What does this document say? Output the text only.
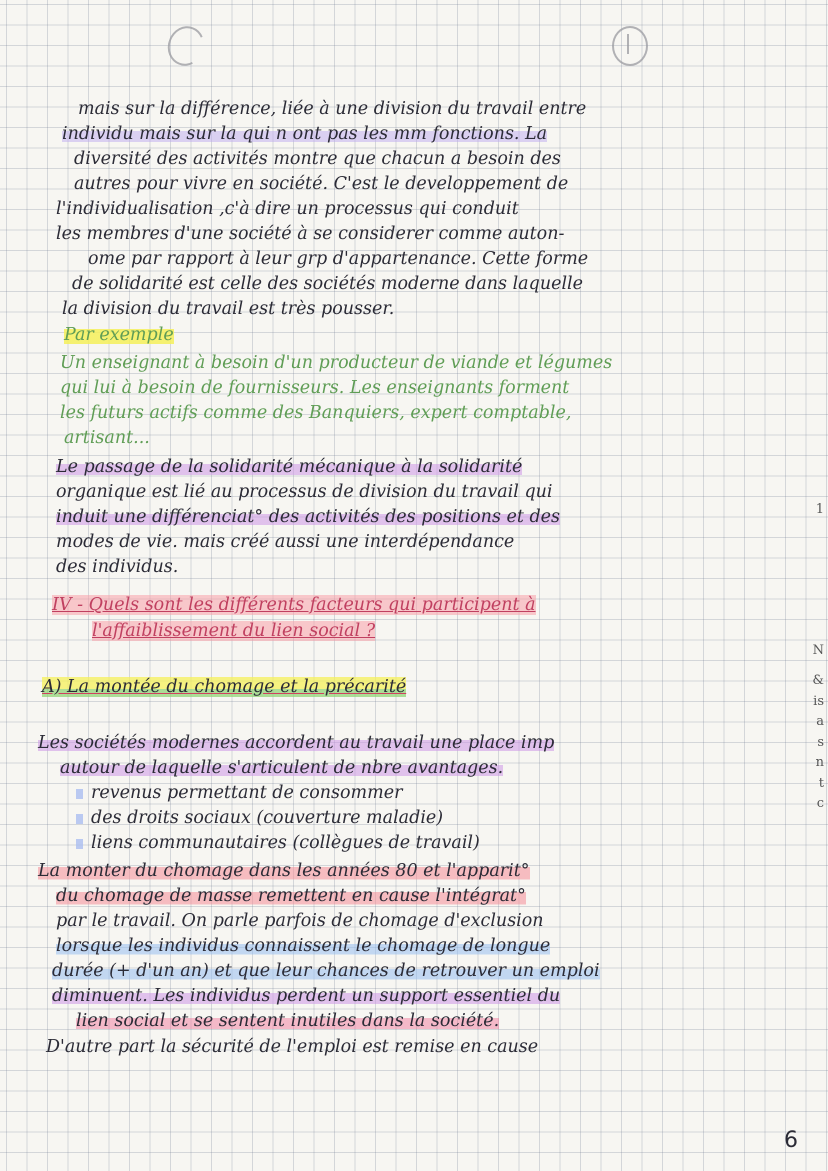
mais sur la différence, liée à une division du travail entre
individu mais sur la qui n ont pas les mm fonctions. La
diversité des activités montre que chacun a besoin des
autres pour vivre en société. C'est le developpement de
l'individualisation ,c'à dire un processus qui conduit
les membres d'une société à se considerer comme auton-
ome par rapport à leur grp d'appartenance. Cette forme
de solidarité est celle des sociétés moderne dans laquelle
la division du travail est très pousser.
Par exemple
Un enseignant à besoin d'un producteur de viande et légumes
qui lui à besoin de fournisseurs. Les enseignants forment
les futurs actifs comme des Banquiers, expert comptable,
artisant...
Le passage de la solidarité mécanique à la solidarité
organique est lié au processus de division du travail qui
induit une différenciat° des activités des positions et des
modes de vie. mais créé aussi une interdépendance
des individus.
IV - Quels sont les différents facteurs qui participent à
l'affaiblissement du lien social ?
A) La montée du chomage et la précarité
Les sociétés modernes accordent au travail une place imp
autour de laquelle s'articulent de nbre avantages.
revenus permettant de consommer
des droits sociaux (couverture maladie)
liens communautaires (collègues de travail)
La monter du chomage dans les années 80 et l'apparit°
du chomage de masse remettent en cause l'intégrat°
par le travail. On parle parfois de chomage d'exclusion
lorsque les individus connaissent le chomage de longue
durée (+ d'un an) et que leur chances de retrouver un emploi
diminuent. Les individus perdent un support essentiel du
lien social et se sentent inutiles dans la société.
D'autre part la sécurité de l'emploi est remise en cause
1
N
&
is
a
s
n
t
c
6
